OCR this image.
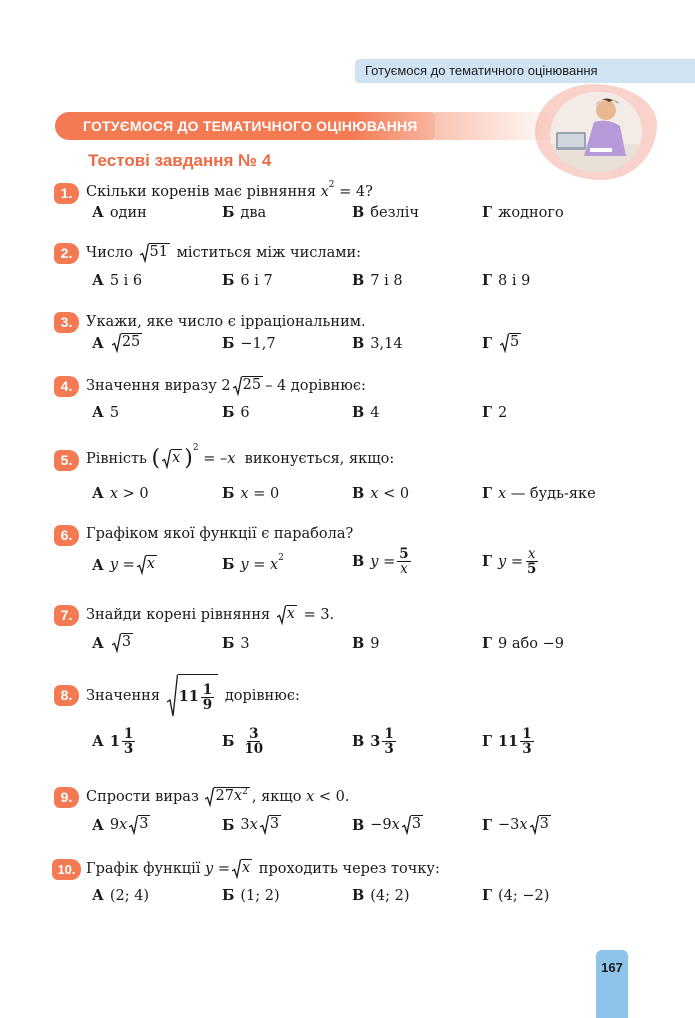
Готуємося до тематичного оцінювання
ГОТУЄМОСЯ ДО ТЕМАТИЧНОГО ОЦІНЮВАННЯ
Тестові завдання № 4
1. Скільки коренів має рівняння
x 2
= 4?
А один	Б два	В безліч	Г жодного
2. Число
51
міститься між числами:
А 5 і 6	Б 6 і 7	В 7 і 8	Г 8 і 9
3. Укажи, яке число є ірраціональним.
А 25	Б −1,7	В 3,14	Г 5
4. Значення виразу
2 25 – 4
дорівнює:
А 5	Б 6	В 4	Г 2
5. Рівність
( x ) 2

= – x
виконується, якщо:
А x
> 0	Б x
= 0	В x
< 0	Г x
— будь-яке
6. Графіком якої функції є парабола?
А y
= x	Б y
=
x 2	В y
= $\frac{5}{x}$	Г y
= $\frac{x}{5}$
7. Знайди корені рівняння
x
= 3.
А 3	Б 3	В 9	Г 9 або −9
8. Значення
$11 \frac{1}{9}$
дорівнює:
А $1 \frac{1}{3}$	Б $\frac{3}{10}$	В $3 \frac{1}{3}$	Г $11 \frac{1}{3}$
9. Спрости вираз
$27x^2$ ,
якщо
x
< 0.
А 9 x 3	Б 3 x 3	В −9 x 3	Г −3 x 3
10. Графік функції
y
= x
проходить через точку:
А (2; 4)	Б (1; 2)	В (4; 2)	Г (4; −2)
167
